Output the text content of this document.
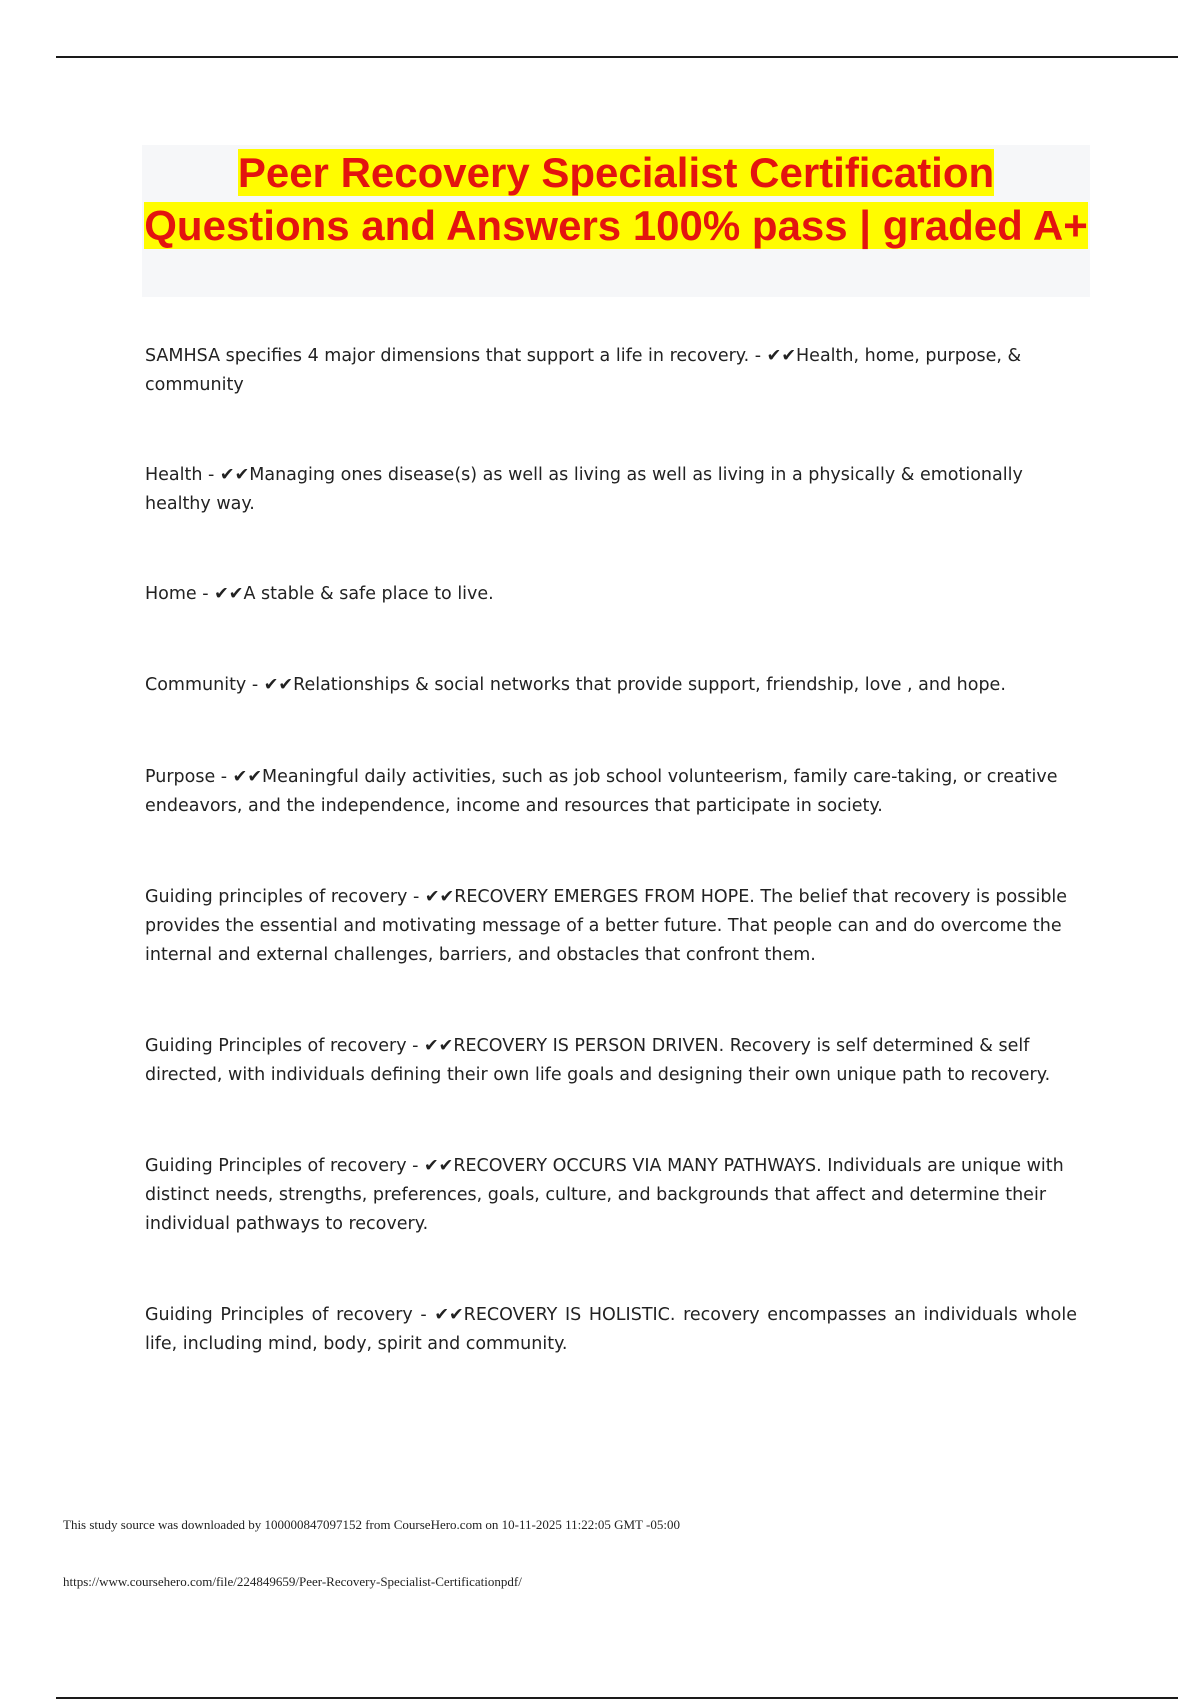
Peer Recovery Specialist Certification Questions and Answers 100% pass | graded A+

SAMHSA specifies 4 major dimensions that support a life in recovery. - ✔✔Health, home, purpose, & community

Health - ✔✔Managing ones disease(s) as well as living as well as living in a physically & emotionally healthy way.

Home - ✔✔A stable & safe place to live.

Community - ✔✔Relationships & social networks that provide support, friendship, love , and hope.

Purpose - ✔✔Meaningful daily activities, such as job school volunteerism, family care-taking, or creative endeavors, and the independence, income and resources that participate in society.

Guiding principles of recovery - ✔✔RECOVERY EMERGES FROM HOPE. The belief that recovery is possible provides the essential and motivating message of a better future. That people can and do overcome the internal and external challenges, barriers, and obstacles that confront them.

Guiding Principles of recovery - ✔✔RECOVERY IS PERSON DRIVEN. Recovery is self determined & self directed, with individuals defining their own life goals and designing their own unique path to recovery.

Guiding Principles of recovery - ✔✔RECOVERY OCCURS VIA MANY PATHWAYS. Individuals are unique with distinct needs, strengths, preferences, goals, culture, and backgrounds that affect and determine their individual pathways to recovery.

Guiding Principles of recovery - ✔✔RECOVERY IS HOLISTIC. recovery encompasses an individuals whole life, including mind, body, spirit and community.

This study source was downloaded by 100000847097152 from CourseHero.com on 10-11-2025 11:22:05 GMT -05:00

https://www.coursehero.com/file/224849659/Peer-Recovery-Specialist-Certificationpdf/
